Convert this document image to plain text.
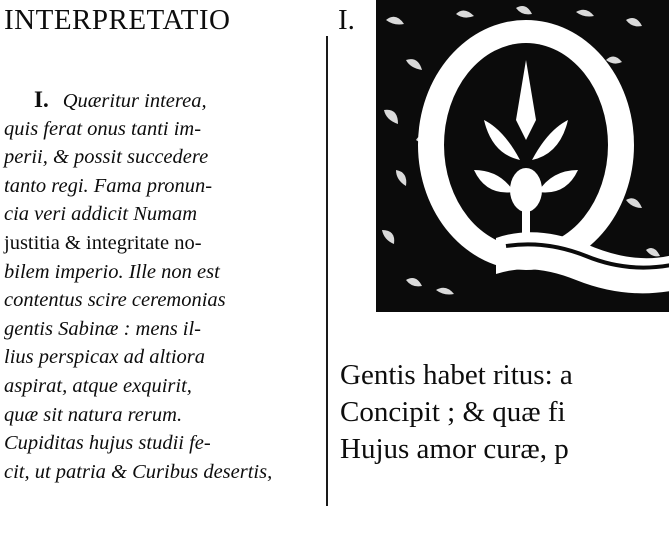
INTERPRETATIO	I.
I. Quæritur interea,
quis ferat onus tanti im-
perii, & possit succedere
tanto regi. Fama pronun-
cia veri addicit Numam
justitia & integritate no-
bilem imperio. Ille non est
contentus scire ceremonias
gentis Sabinæ : mens il-
lius perspicax ad altiora
aspirat, atque exquirit,
quæ sit natura rerum.
Cupiditas hujus studii fe-
cit, ut patria & Curibus desertis,
Gentis habet ritus: a
Concipit ; & quæ fi
Hujus amor curæ, p
